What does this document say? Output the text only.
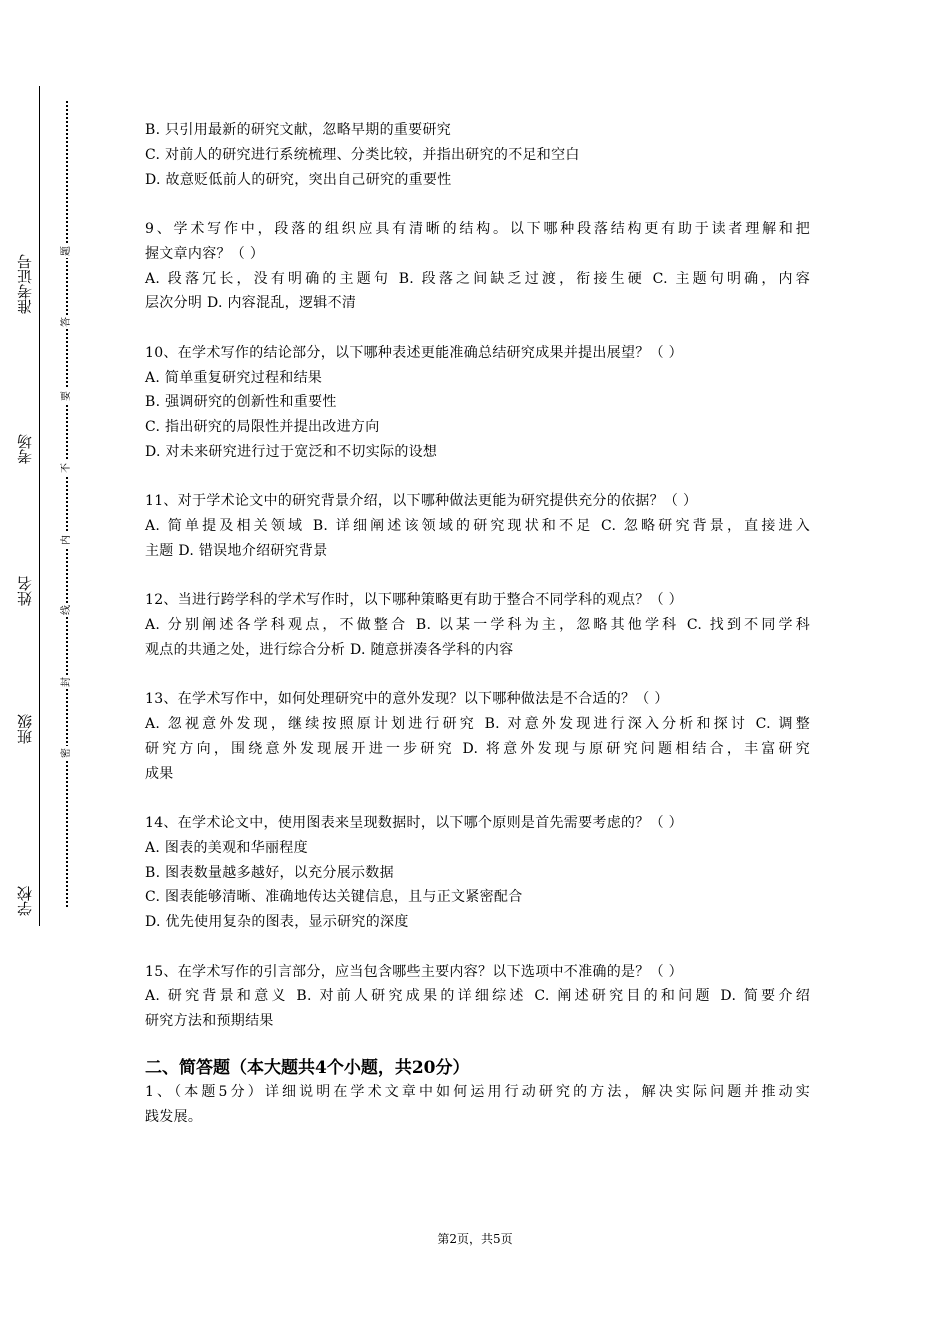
准考证号
考场
姓名
班级
学校
题
答
要
不
内
线
封
密
B. 只引用最新的研究文献，忽略早期的重要研究
C. 对前人的研究进行系统梳理、分类比较，并指出研究的不足和空白
D. 故意贬低前人的研究，突出自己研究的重要性
9、学术写作中，段落的组织应具有清晰的结构。以下哪种段落结构更有助于读者理解和把
握文章内容？（ ）
A. 段落冗长，没有明确的主题句 B. 段落之间缺乏过渡，衔接生硬 C. 主题句明确，内容
层次分明 D. 内容混乱，逻辑不清
10、在学术写作的结论部分，以下哪种表述更能准确总结研究成果并提出展望？（ ）
A. 简单重复研究过程和结果
B. 强调研究的创新性和重要性
C. 指出研究的局限性并提出改进方向
D. 对未来研究进行过于宽泛和不切实际的设想
11、对于学术论文中的研究背景介绍，以下哪种做法更能为研究提供充分的依据？（ ）
A. 简单提及相关领域 B. 详细阐述该领域的研究现状和不足 C. 忽略研究背景，直接进入
主题 D. 错误地介绍研究背景
12、当进行跨学科的学术写作时，以下哪种策略更有助于整合不同学科的观点？（ ）
A. 分别阐述各学科观点，不做整合 B. 以某一学科为主，忽略其他学科 C. 找到不同学科
观点的共通之处，进行综合分析 D. 随意拼凑各学科的内容
13、在学术写作中，如何处理研究中的意外发现？以下哪种做法是不合适的？（ ）
A. 忽视意外发现，继续按照原计划进行研究 B. 对意外发现进行深入分析和探讨 C. 调整
研究方向，围绕意外发现展开进一步研究 D. 将意外发现与原研究问题相结合，丰富研究
成果
14、在学术论文中，使用图表来呈现数据时，以下哪个原则是首先需要考虑的？（ ）
A. 图表的美观和华丽程度
B. 图表数量越多越好，以充分展示数据
C. 图表能够清晰、准确地传达关键信息，且与正文紧密配合
D. 优先使用复杂的图表，显示研究的深度
15、在学术写作的引言部分，应当包含哪些主要内容？以下选项中不准确的是？（ ）
A. 研究背景和意义 B. 对前人研究成果的详细综述 C. 阐述研究目的和问题 D. 简要介绍
研究方法和预期结果
二、简答题（本大题共4个小题，共20分）
1、（本题5分）详细说明在学术文章中如何运用行动研究的方法，解决实际问题并推动实
践发展。
第2页，共5页
